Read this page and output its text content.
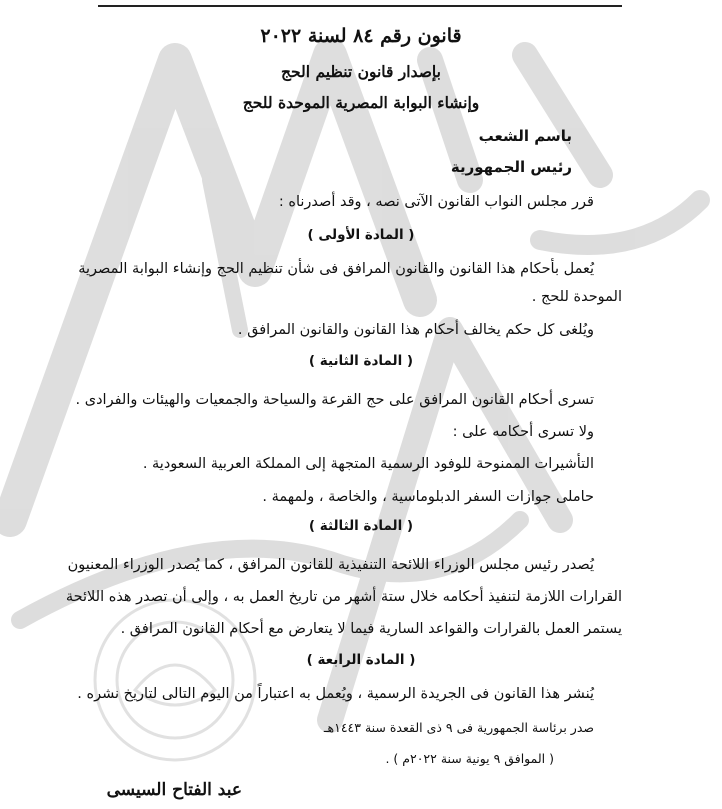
قانون رقم ٨٤ لسنة ٢٠٢٢
بإصدار قانون تنظيم الحج
وإنشاء البوابة المصرية الموحدة للحج
باسم الشعب
رئيس الجمهورية
قرر مجلس النواب القانون الآتى نصه ، وقد أصدرناه :
( المادة الأولى )
يُعمل بأحكام هذا القانون والقانون المرافق فى شأن تنظيم الحج وإنشاء البوابة المصرية
الموحدة للحج .
ويُلغى كل حكم يخالف أحكام هذا القانون والقانون المرافق .
( المادة الثانية )
تسرى أحكام القانون المرافق على حج القرعة والسياحة والجمعيات والهيئات والفرادى .
ولا تسرى أحكامه على :
التأشيرات الممنوحة للوفود الرسمية المتجهة إلى المملكة العربية السعودية .
حاملى جوازات السفر الدبلوماسية ، والخاصة ، ولمهمة .
( المادة الثالثة )
يُصدر رئيس مجلس الوزراء اللائحة التنفيذية للقانون المرافق ، كما يُصدر الوزراء المعنيون
القرارات اللازمة لتنفيذ أحكامه خلال ستة أشهر من تاريخ العمل به ، وإلى أن تصدر هذه اللائحة
يستمر العمل بالقرارات والقواعد السارية فيما لا يتعارض مع أحكام القانون المرافق .
( المادة الرابعة )
يُنشر هذا القانون فى الجريدة الرسمية ، ويُعمل به اعتباراً من اليوم التالى لتاريخ نشره .
صدر برئاسة الجمهورية فى ٩ ذى القعدة سنة ١٤٤٣هـ
( الموافق ٩ يونية سنة ٢٠٢٢م ) .
عبد الفتاح السيسى
